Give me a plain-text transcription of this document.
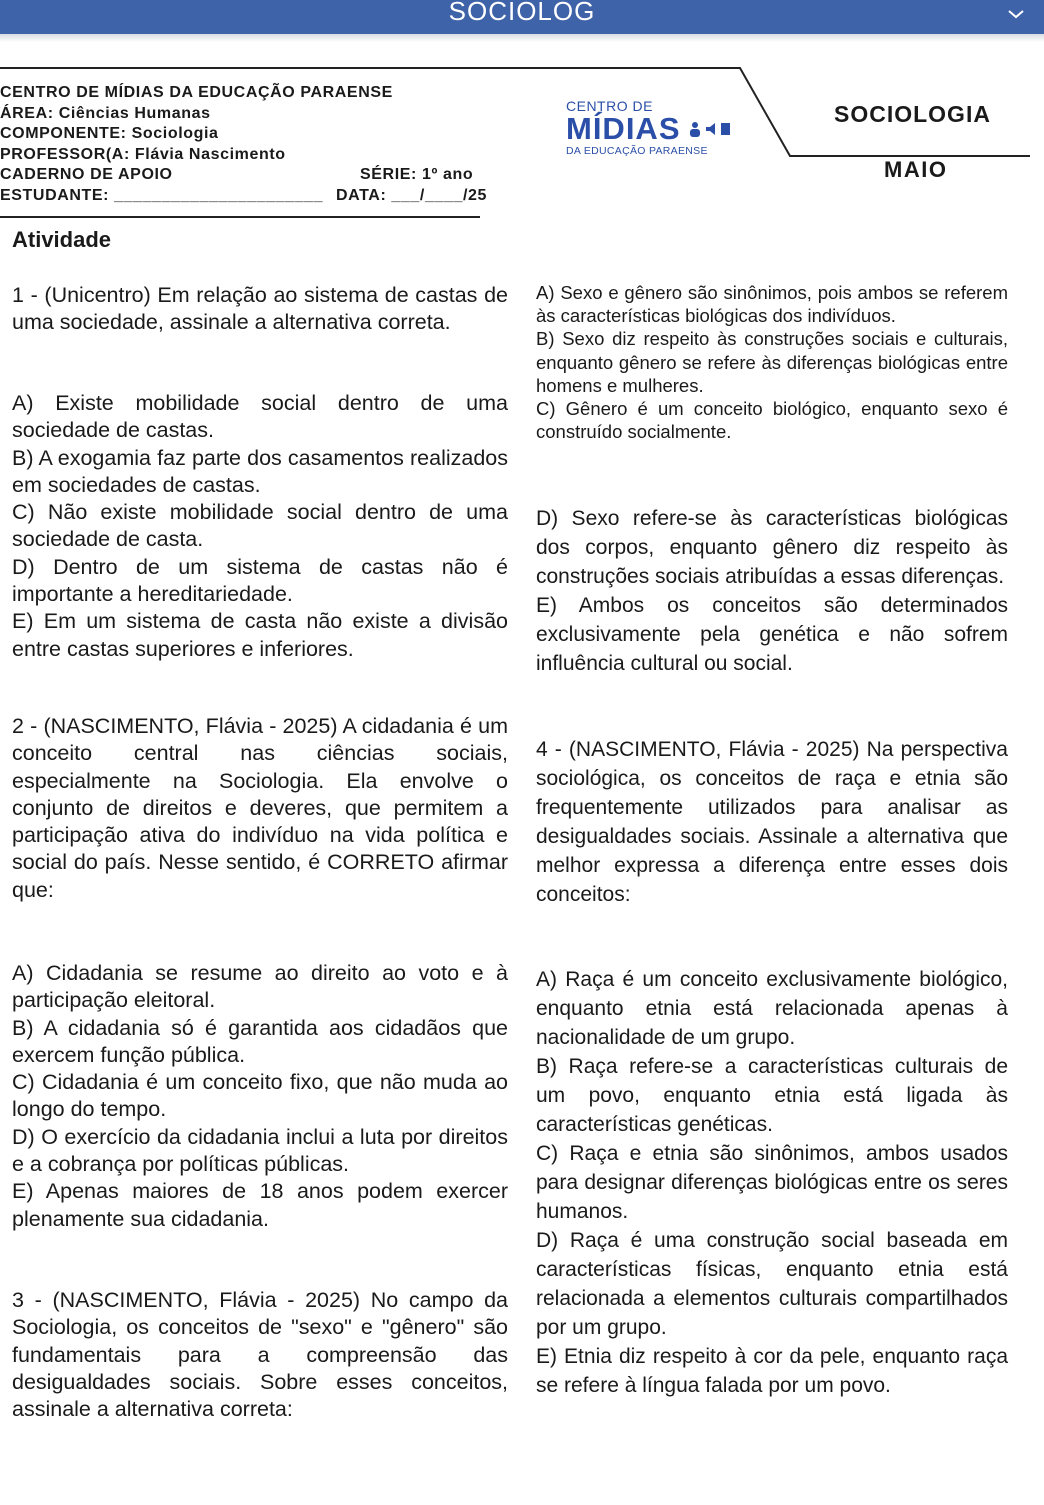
SOCIOLOG
CENTRO DE MÍDIAS DA EDUCAÇÃO PARAENSE
ÁREA: Ciências Humanas
COMPONENTE: Sociologia
PROFESSOR(A: Flávia Nascimento
CADERNO DE APOIO	SÉRIE: 1º ano
ESTUDANTE: ______________________ DATA: ___/____/25
CENTRO DE
MÍDIAS
DA EDUCAÇÃO PARAENSE
SOCIOLOGIA
MAIO
Atividade

1 - (Unicentro) Em relação ao sistema de castas de uma sociedade, assinale a alternativa correta.

A) Existe mobilidade social dentro de uma sociedade de castas.

B) A exogamia faz parte dos casamentos realizados em sociedades de castas.

C) Não existe mobilidade social dentro de uma sociedade de casta.

D) Dentro de um sistema de castas não é importante a hereditariedade.

E) Em um sistema de casta não existe a divisão entre castas superiores e inferiores.

2 - (NASCIMENTO, Flávia - 2025) A cidadania é um conceito central nas ciências sociais, especialmente na Sociologia. Ela envolve o conjunto de direitos e deveres, que permitem a participação ativa do indivíduo na vida política e social do país. Nesse sentido, é CORRETO afirmar que:

A) Cidadania se resume ao direito ao voto e à participação eleitoral.

B) A cidadania só é garantida aos cidadãos que exercem função pública.

C) Cidadania é um conceito fixo, que não muda ao longo do tempo.

D) O exercício da cidadania inclui a luta por direitos e a cobrança por políticas públicas.

E) Apenas maiores de 18 anos podem exercer plenamente sua cidadania.

3 - (NASCIMENTO, Flávia - 2025) No campo da Sociologia, os conceitos de "sexo" e "gênero" são fundamentais para a compreensão das desigualdades sociais. Sobre esses conceitos, assinale a alternativa correta:

A) Sexo e gênero são sinônimos, pois ambos se referem às características biológicas dos indivíduos.

B) Sexo diz respeito às construções sociais e culturais, enquanto gênero se refere às diferenças biológicas entre homens e mulheres.

C) Gênero é um conceito biológico, enquanto sexo é construído socialmente.

D) Sexo refere-se às características biológicas dos corpos, enquanto gênero diz respeito às construções sociais atribuídas a essas diferenças.

E) Ambos os conceitos são determinados exclusivamente pela genética e não sofrem influência cultural ou social.

4 - (NASCIMENTO, Flávia - 2025) Na perspectiva sociológica, os conceitos de raça e etnia são frequentemente utilizados para analisar as desigualdades sociais. Assinale a alternativa que melhor expressa a diferença entre esses dois conceitos:

A) Raça é um conceito exclusivamente biológico, enquanto etnia está relacionada apenas à nacionalidade de um grupo.

B) Raça refere-se a características culturais de um povo, enquanto etnia está ligada às características genéticas.

C) Raça e etnia são sinônimos, ambos usados para designar diferenças biológicas entre os seres humanos.

D) Raça é uma construção social baseada em características físicas, enquanto etnia está relacionada a elementos culturais compartilhados por um grupo.

E) Etnia diz respeito à cor da pele, enquanto raça se refere à língua falada por um povo.
